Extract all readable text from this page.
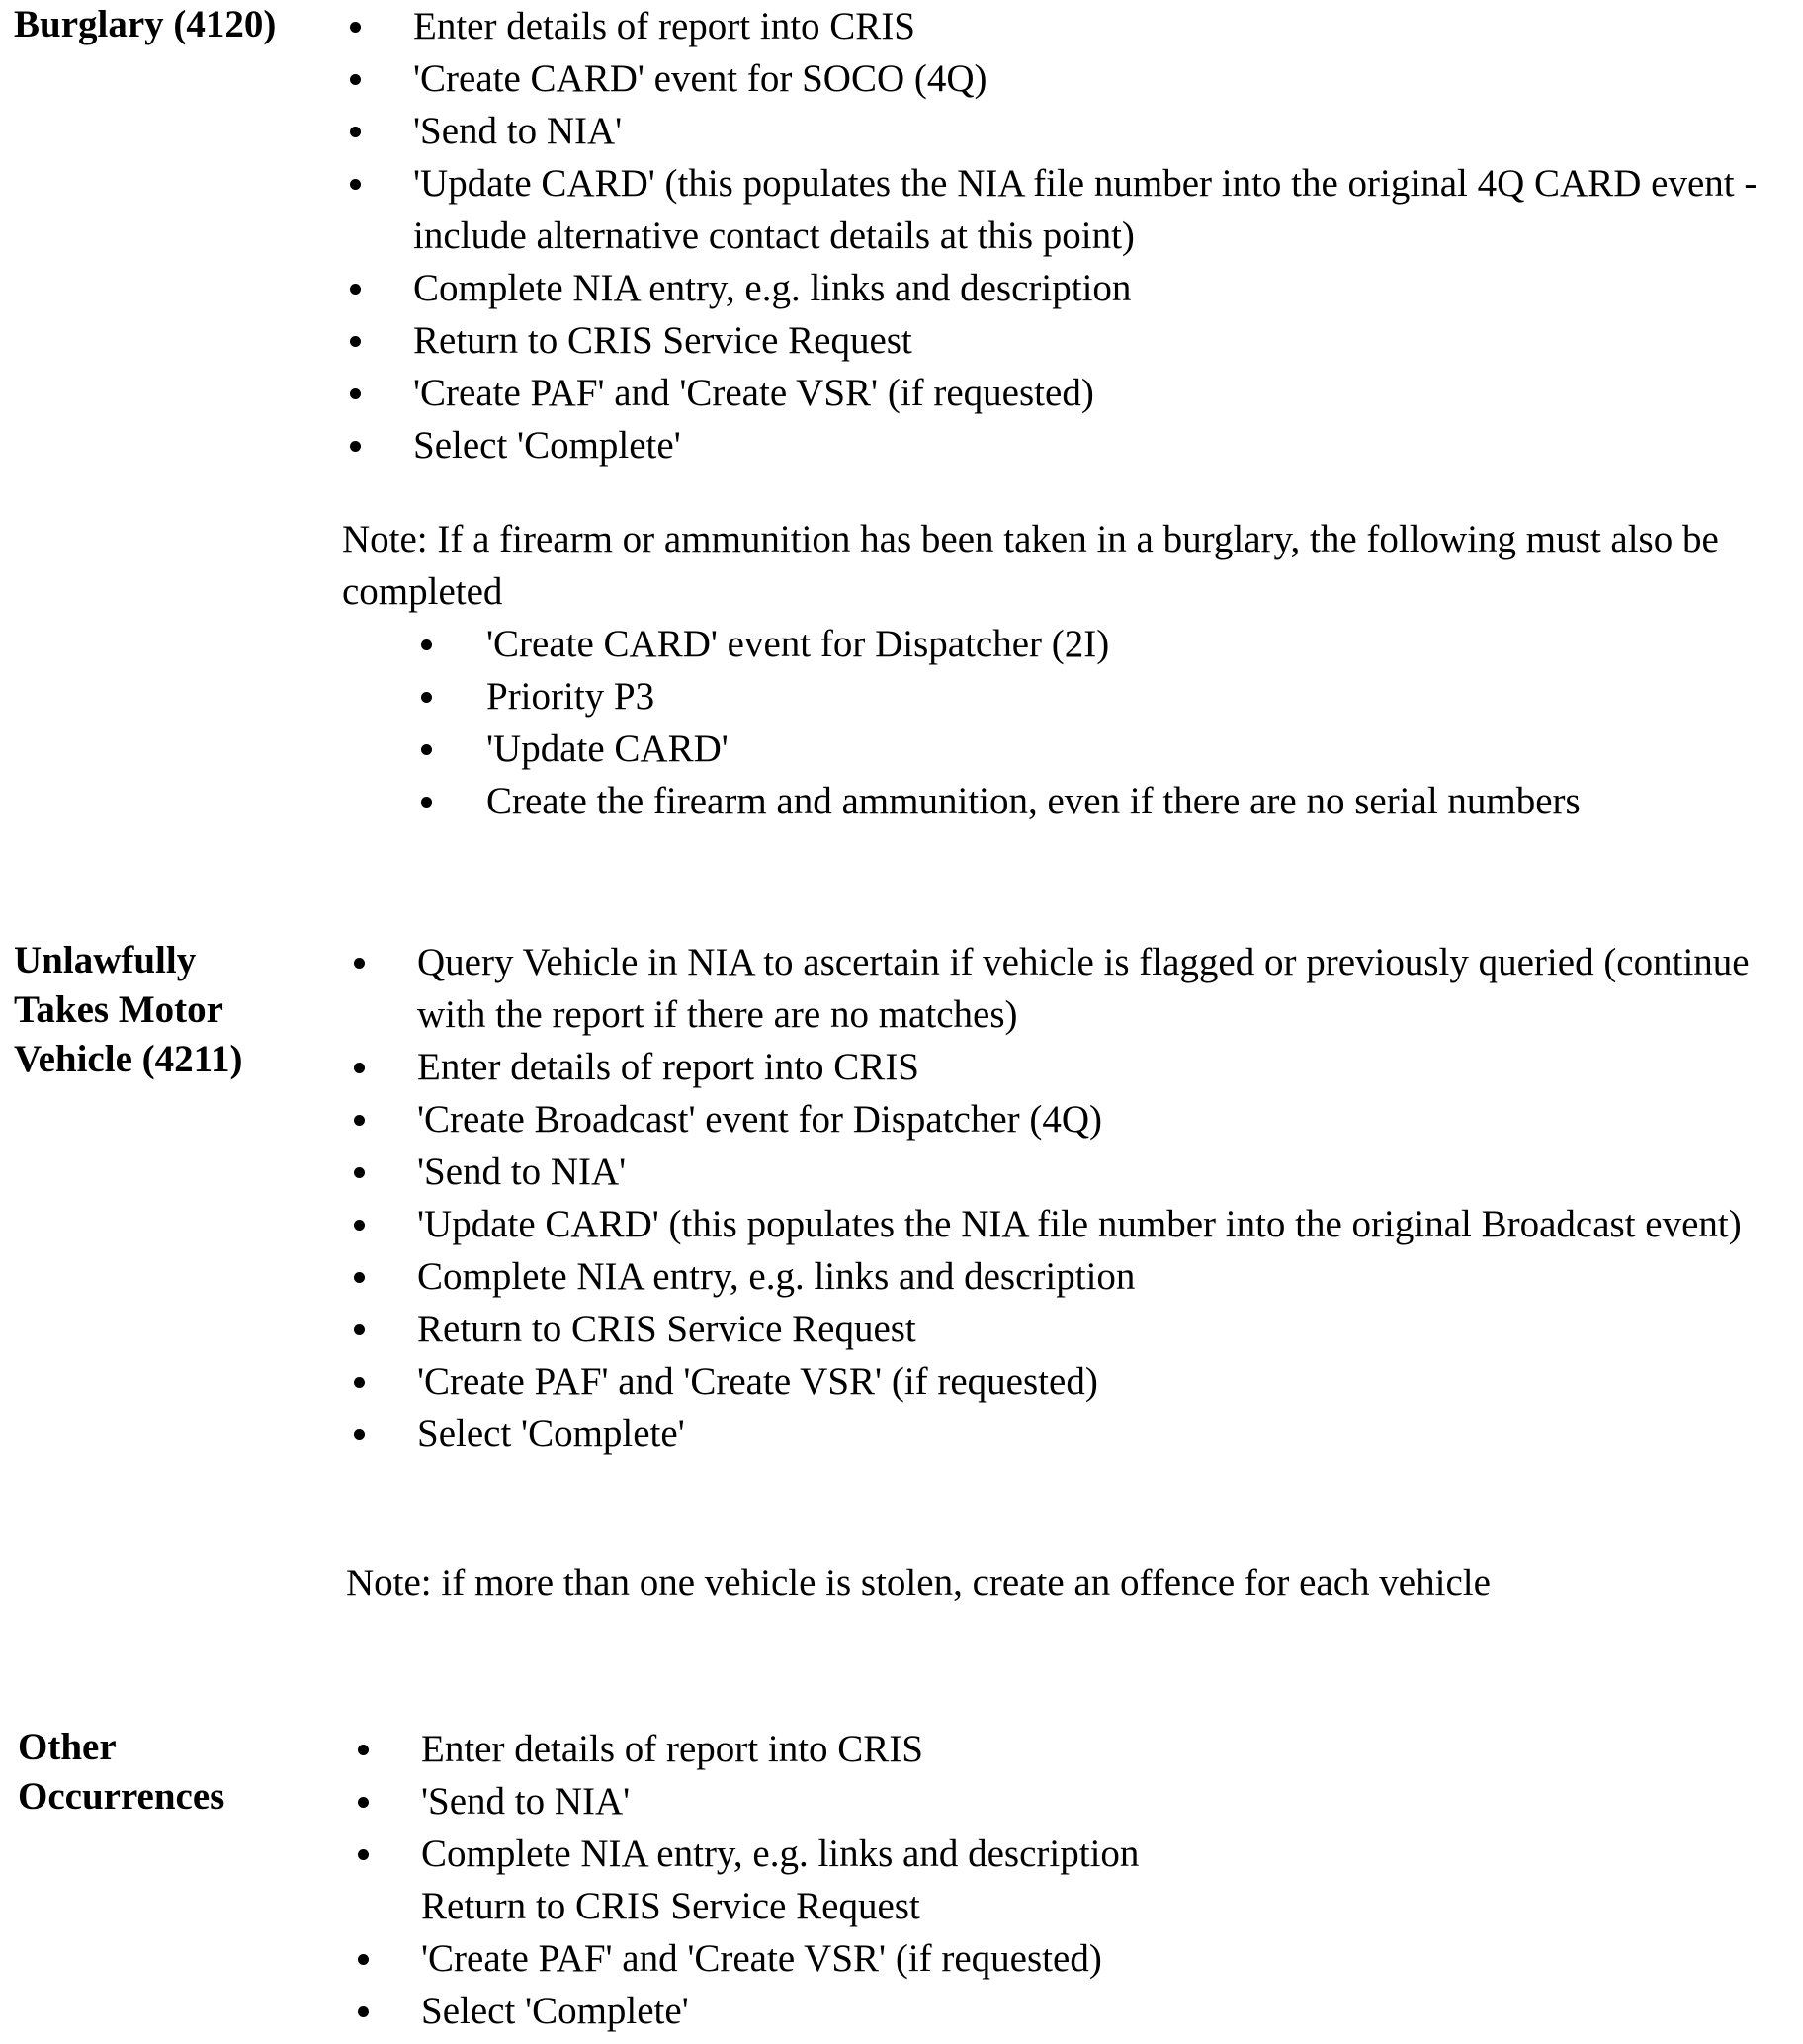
Burglary (4120)	Enter details of report into CRIS
'Create CARD' event for SOCO (4Q)
'Send to NIA'
'Update CARD' (this populates the NIA file number into the original 4Q CARD event - include alternative contact details at this point)
Complete NIA entry, e.g. links and description
Return to CRIS Service Request
'Create PAF' and 'Create VSR' (if requested)
Select 'Complete'

Note: If a firearm or ammunition has been taken in a burglary, the following must also be completed

'Create CARD' event for Dispatcher (2I)
Priority P3
'Update CARD'
Create the firearm and ammunition, even if there are no serial numbers
Unlawfully
Takes Motor
Vehicle (4211)
Query Vehicle in NIA to ascertain if vehicle is flagged or previously queried (continue with the report if there are no matches)
Enter details of report into CRIS
'Create Broadcast' event for Dispatcher (4Q)
'Send to NIA'
'Update CARD' (this populates the NIA file number into the original Broadcast event)
Complete NIA entry, e.g. links and description
Return to CRIS Service Request
'Create PAF' and 'Create VSR' (if requested)
Select 'Complete'

Note: if more than one vehicle is stolen, create an offence for each vehicle

Other
Occurrences
Enter details of report into CRIS
'Send to NIA'
Complete NIA entry, e.g. links and description
Return to CRIS Service Request
'Create PAF' and 'Create VSR' (if requested)
Select 'Complete'
